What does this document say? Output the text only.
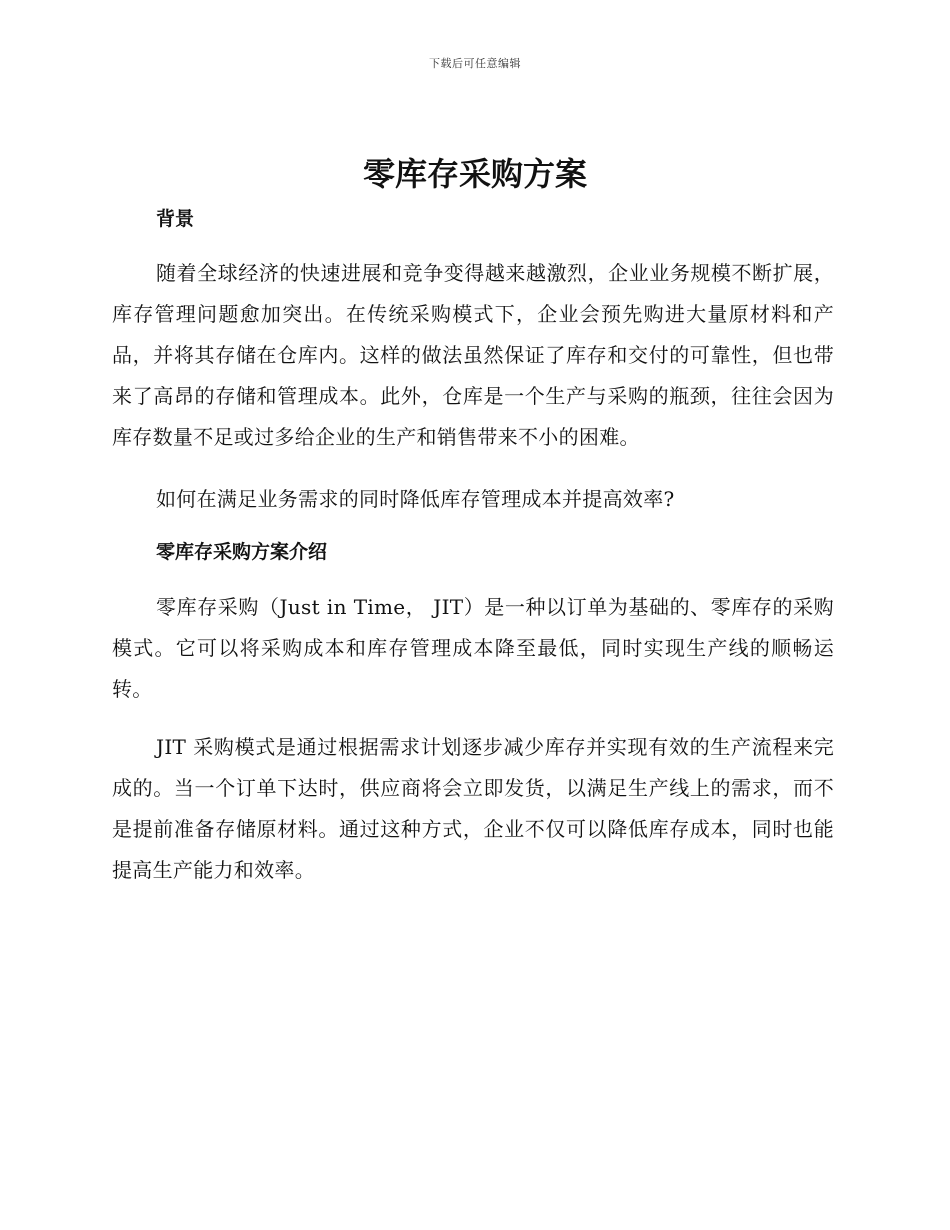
下载后可任意编辑
零库存采购方案

背景

随着全球经济的快速进展和竞争变得越来越激烈，企业业务规模不断扩展，库存管理问题愈加突出。在传统采购模式下，企业会预先购进大量原材料和产品，并将其存储在仓库内。这样的做法虽然保证了库存和交付的可靠性，但也带来了高昂的存储和管理成本。此外，仓库是一个生产与采购的瓶颈，往往会因为库存数量不足或过多给企业的生产和销售带来不小的困难。

如何在满足业务需求的同时降低库存管理成本并提高效率?

零库存采购方案介绍

零库存采购（Just in Time， JIT）是一种以订单为基础的、零库存的采购模式。它可以将采购成本和库存管理成本降至最低，同时实现生产线的顺畅运转。

JIT 采购模式是通过根据需求计划逐步减少库存并实现有效的生产流程来完成的。当一个订单下达时，供应商将会立即发货，以满足生产线上的需求，而不是提前准备存储原材料。通过这种方式，企业不仅可以降低库存成本，同时也能提高生产能力和效率。
